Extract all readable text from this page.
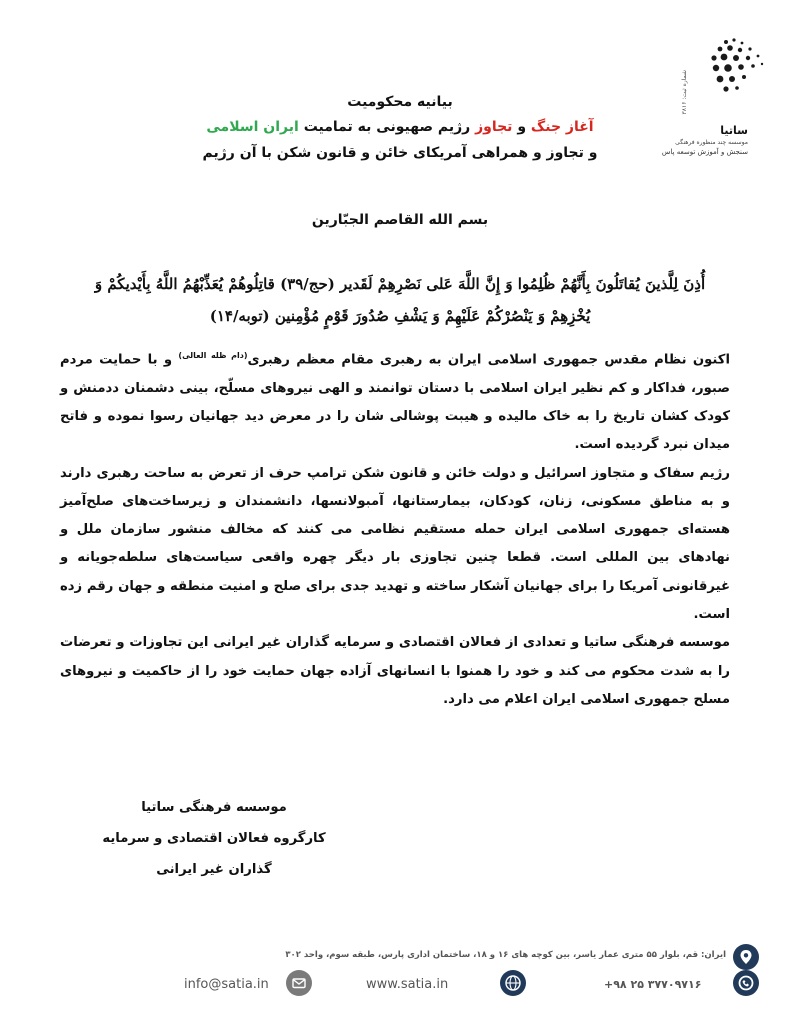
شماره ثبت: ۳۸۱۶
ساتیا
موسسه چند منظوره فرهنگی
سنجش و آموزش توسعه پاس
بیانیه محکومیت
آغاز جنگ و تجاوز رژیم صهیونی به تمامیت ایران اسلامی
و تجاوز و همراهی آمریکای خائن و قانون شکن با آن رژیم
بسم الله القاصم الجبّارین
أُذِنَ لِلَّذینَ یُقاتَلُونَ بِأَنَّهُمْ ظُلِمُوا وَ إِنَّ اللَّهَ عَلی نَصْرِهِمْ لَقَدیر (حج/۳۹) قاتِلُوهُمْ یُعَذِّبْهُمُ اللَّهُ بِأَیْدیکُمْ وَ
یُخْزِهِمْ وَ یَنْصُرْکُمْ عَلَیْهِمْ وَ یَشْفِ صُدُورَ قَوْمٍ مُؤْمِنین (توبه/۱۴)

اکنون نظام مقدس جمهوری اسلامی ایران به رهبری مقام معظم رهبری$^{(دام ظله العالی)}$ و با حمایت مردم صبور، فداکار و کم نظیر ایران اسلامی با دستان توانمند و الهی نیروهای مسلّح، بینی دشمنان ددمنش و کودک کشان تاریخ را به خاک مالیده و هیبت پوشالی شان را در معرض دید جهانیان رسوا نموده و فاتح میدان نبرد گردیده است.

رژیم سفاک و متجاوز اسرائیل و دولت خائن و قانون شکن ترامپ حرف از تعرض به ساحت رهبری دارند و به مناطق مسکونی، زنان، کودکان، بیمارستانها، آمبولانسها، دانشمندان و زیرساخت‌های صلح‌آمیز هسته‌ای جمهوری اسلامی ایران حمله مستقیم نظامی می کنند که مخالف منشور سازمان ملل و نهادهای بین المللی است. قطعا چنین تجاوزی بار دیگر چهره واقعی سیاست‌های سلطه‌جویانه و غیرقانونی آمریکا را برای جهانیان آشکار ساخته و تهدید جدی برای صلح و امنیت منطقه و جهان رقم زده است.

موسسه فرهنگی ساتیا و تعدادی از فعالان اقتصادی و سرمایه گذاران غیر ایرانی این تجاوزات و تعرضات را به شدت محکوم می کند و خود را همنوا با انسانهای آزاده جهان حمایت خود را از حاکمیت و نیروهای مسلح جمهوری اسلامی ایران اعلام می دارد.

موسسه فرهنگی ساتیا
کارگروه فعالان اقتصادی و سرمایه
گذاران غیر ایرانی
ایران: قم، بلوار ۵۵ متری عمار یاسر، بین کوچه های ۱۶ و ۱۸، ساختمان اداری پارس، طبقه سوم، واحد ۳۰۲
+۹۸ ۲۵ ۳۷۷۰۹۷۱۶
www.satia.in
info@satia.in
